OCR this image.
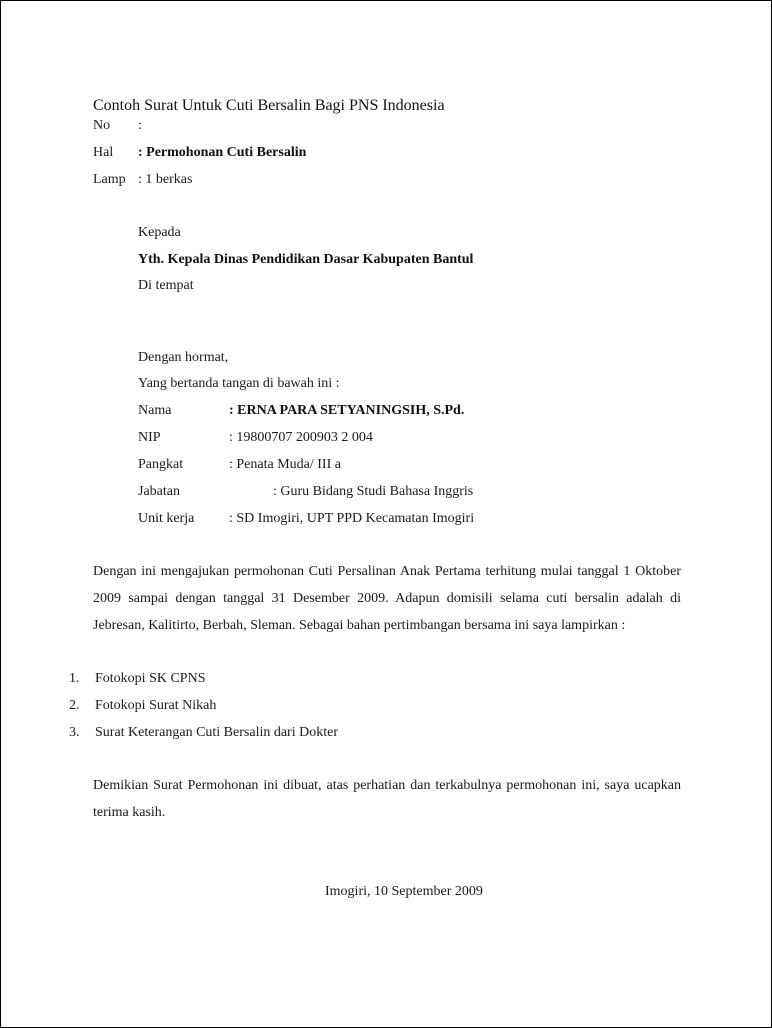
Contoh Surat Untuk Cuti Bersalin Bagi PNS Indonesia
No :
Hal : Permohonan Cuti Bersalin
Lamp : 1 berkas
Kepada
Yth. Kepala Dinas Pendidikan Dasar Kabupaten Bantul
Di tempat
Dengan hormat,
Yang bertanda tangan di bawah ini :
Nama	: ERNA PARA SETYANINGSIH, S.Pd.
NIP	: 19800707 200903 2 004
Pangkat	: Penata Muda/ III a
Jabatan	: Guru Bidang Studi Bahasa Inggris
Unit kerja : SD Imogiri, UPT PPD Kecamatan Imogiri
Dengan ini mengajukan permohonan Cuti Persalinan Anak Pertama terhitung mulai tanggal 1 Oktober 2009 sampai dengan tanggal 31 Desember 2009. Adapun domisili selama cuti bersalin adalah di Jebresan, Kalitirto, Berbah, Sleman. Sebagai bahan pertimbangan bersama ini saya lampirkan :
1.	Fotokopi SK CPNS
2.	Fotokopi Surat Nikah
3.	Surat Keterangan Cuti Bersalin dari Dokter
Demikian Surat Permohonan ini dibuat, atas perhatian dan terkabulnya permohonan ini, saya ucapkan terima kasih.
Imogiri, 10 September 2009
